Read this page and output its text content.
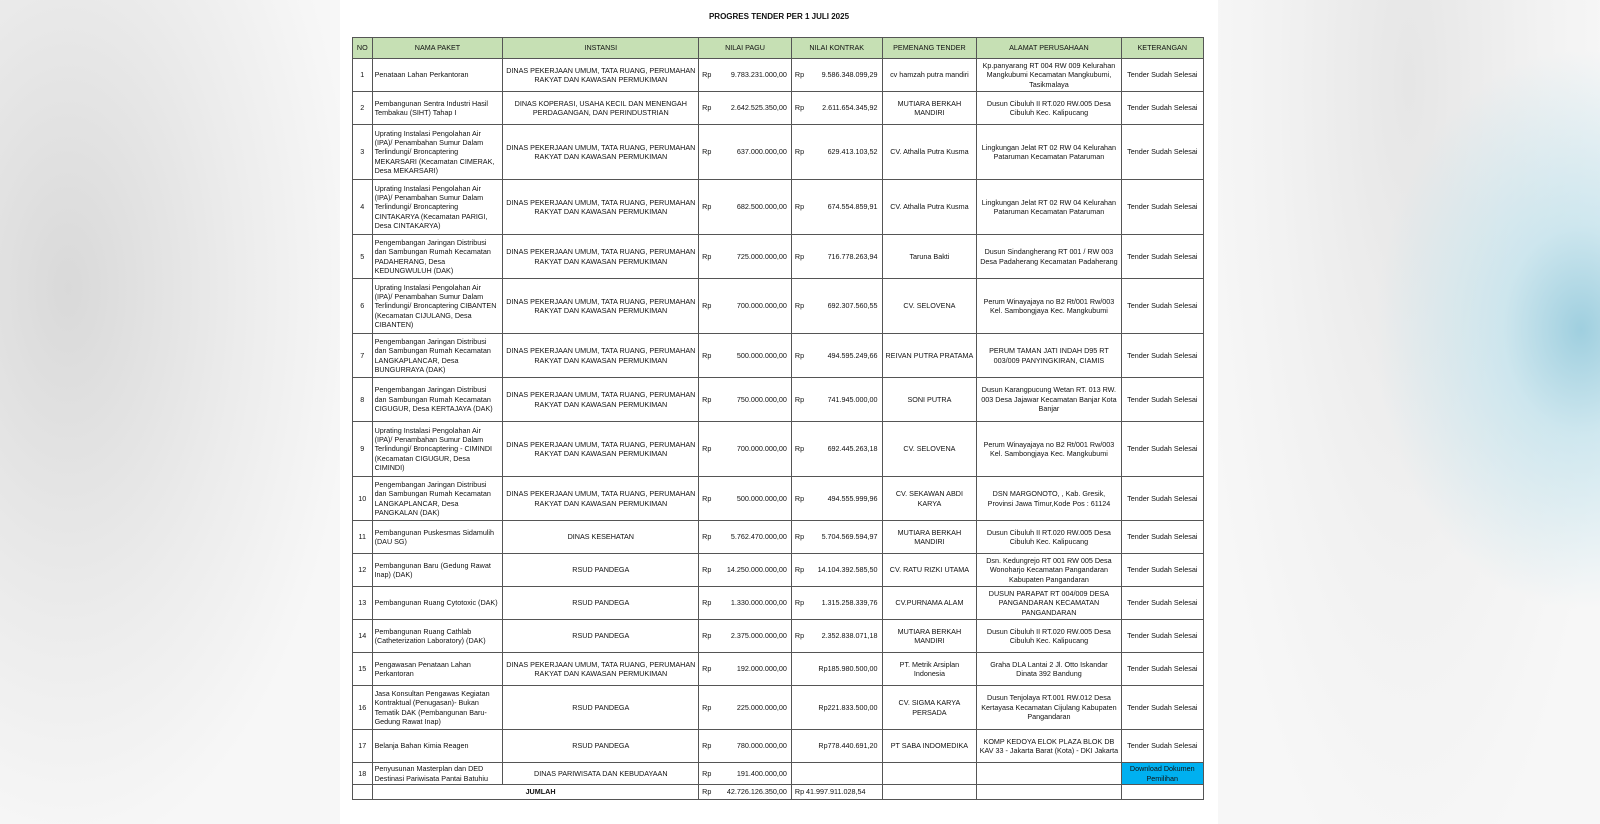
PROGRES TENDER PER 1 JULI 2025
NO	NAMA PAKET	INSTANSI	NILAI PAGU	NILAI KONTRAK	PEMENANG TENDER	ALAMAT PERUSAHAAN	KETERANGAN
1	Penataan Lahan Perkantoran	DINAS PEKERJAAN UMUM, TATA RUANG, PERUMAHAN RAKYAT DAN KAWASAN PERMUKIMAN	Rp 9.783.231.000,00	Rp 9.586.348.099,29	cv hamzah putra mandiri	Kp.panyarang RT 004 RW 009 Kelurahan Mangkubumi Kecamatan Mangkubumi, Tasikmalaya	Tender Sudah Selesai
2	Pembangunan Sentra Industri Hasil Tembakau (SIHT) Tahap I	DINAS KOPERASI, USAHA KECIL DAN MENENGAH PERDAGANGAN, DAN PERINDUSTRIAN	Rp 2.642.525.350,00	Rp 2.611.654.345,92	MUTIARA BERKAH MANDIRI	Dusun Cibuluh II RT.020 RW.005 Desa Cibuluh Kec. Kalipucang	Tender Sudah Selesai
3	Uprating Instalasi Pengolahan Air (IPA)/ Penambahan Sumur Dalam Terlindungi/ Broncaptering MEKARSARI (Kecamatan CIMERAK, Desa MEKARSARI)	DINAS PEKERJAAN UMUM, TATA RUANG, PERUMAHAN RAKYAT DAN KAWASAN PERMUKIMAN	Rp 637.000.000,00	Rp 629.413.103,52	CV. Athalla Putra Kusma	Lingkungan Jelat RT 02 RW 04 Kelurahan Pataruman Kecamatan Pataruman	Tender Sudah Selesai
4	Uprating Instalasi Pengolahan Air (IPA)/ Penambahan Sumur Dalam Terlindungi/ Broncaptering CINTAKARYA (Kecamatan PARIGI, Desa CINTAKARYA)	DINAS PEKERJAAN UMUM, TATA RUANG, PERUMAHAN RAKYAT DAN KAWASAN PERMUKIMAN	Rp 682.500.000,00	Rp 674.554.859,91	CV. Athalla Putra Kusma	Lingkungan Jelat RT 02 RW 04 Kelurahan Pataruman Kecamatan Pataruman	Tender Sudah Selesai
5	Pengembangan Jaringan Distribusi dan Sambungan Rumah Kecamatan PADAHERANG, Desa KEDUNGWULUH (DAK)	DINAS PEKERJAAN UMUM, TATA RUANG, PERUMAHAN RAKYAT DAN KAWASAN PERMUKIMAN	Rp 725.000.000,00	Rp 716.778.263,94	Taruna Bakti	Dusun Sindangherang RT 001 / RW 003 Desa Padaherang Kecamatan Padaherang	Tender Sudah Selesai
6	Uprating Instalasi Pengolahan Air (IPA)/ Penambahan Sumur Dalam Terlindungi/ Broncaptering CIBANTEN (Kecamatan CIJULANG, Desa CIBANTEN)	DINAS PEKERJAAN UMUM, TATA RUANG, PERUMAHAN RAKYAT DAN KAWASAN PERMUKIMAN	Rp 700.000.000,00	Rp 692.307.560,55	CV. SELOVENA	Perum Winayajaya no B2 Rt/001 Rw/003 Kel. Sambongjaya Kec. Mangkubumi	Tender Sudah Selesai
7	Pengembangan Jaringan Distribusi dan Sambungan Rumah Kecamatan LANGKAPLANCAR, Desa BUNGURRAYA (DAK)	DINAS PEKERJAAN UMUM, TATA RUANG, PERUMAHAN RAKYAT DAN KAWASAN PERMUKIMAN	Rp 500.000.000,00	Rp 494.595.249,66	REIVAN PUTRA PRATAMA	PERUM TAMAN JATI INDAH D95 RT 003/009 PANYINGKIRAN, CIAMIS	Tender Sudah Selesai
8	Pengembangan Jaringan Distribusi dan Sambungan Rumah Kecamatan CIGUGUR, Desa KERTAJAYA (DAK)	DINAS PEKERJAAN UMUM, TATA RUANG, PERUMAHAN RAKYAT DAN KAWASAN PERMUKIMAN	Rp 750.000.000,00	Rp 741.945.000,00	SONI PUTRA	Dusun Karangpucung Wetan RT. 013 RW. 003 Desa Jajawar Kecamatan Banjar Kota Banjar	Tender Sudah Selesai
9	Uprating Instalasi Pengolahan Air (IPA)/ Penambahan Sumur Dalam Terlindungi/ Broncaptering - CIMINDI (Kecamatan CIGUGUR, Desa CIMINDI)	DINAS PEKERJAAN UMUM, TATA RUANG, PERUMAHAN RAKYAT DAN KAWASAN PERMUKIMAN	Rp 700.000.000,00	Rp 692.445.263,18	CV. SELOVENA	Perum Winayajaya no B2 Rt/001 Rw/003 Kel. Sambongjaya Kec. Mangkubumi	Tender Sudah Selesai
10	Pengembangan Jaringan Distribusi dan Sambungan Rumah Kecamatan LANGKAPLANCAR, Desa PANGKALAN (DAK)	DINAS PEKERJAAN UMUM, TATA RUANG, PERUMAHAN RAKYAT DAN KAWASAN PERMUKIMAN	Rp 500.000.000,00	Rp 494.555.999,96	CV. SEKAWAN ABDI KARYA	DSN MARGONOTO, , Kab. Gresik, Provinsi Jawa Timur,Kode Pos : 61124	Tender Sudah Selesai
11	Pembangunan Puskesmas Sidamulih (DAU SG)	DINAS KESEHATAN	Rp 5.762.470.000,00	Rp 5.704.569.594,97	MUTIARA BERKAH MANDIRI	Dusun Cibuluh II RT.020 RW.005 Desa Cibuluh Kec. Kalipucang	Tender Sudah Selesai
12	Pembangunan Baru (Gedung Rawat Inap) (DAK)	RSUD PANDEGA	Rp 14.250.000.000,00	Rp 14.104.392.585,50	CV. RATU RIZKI UTAMA	Dsn. Kedungrejo RT 001 RW 005 Desa Wonoharjo Kecamatan Pangandaran Kabupaten Pangandaran	Tender Sudah Selesai
13	Pembangunan Ruang Cytotoxic (DAK)	RSUD PANDEGA	Rp 1.330.000.000,00	Rp 1.315.258.339,76	CV.PURNAMA ALAM	DUSUN PARAPAT RT 004/009 DESA PANGANDARAN KECAMATAN PANGANDARAN	Tender Sudah Selesai
14	Pembangunan Ruang Cathlab (Catheterization Laboratory) (DAK)	RSUD PANDEGA	Rp 2.375.000.000,00	Rp 2.352.838.071,18	MUTIARA BERKAH MANDIRI	Dusun Cibuluh II RT.020 RW.005 Desa Cibuluh Kec. Kalipucang	Tender Sudah Selesai
15	Pengawasan Penataan Lahan Perkantoran	DINAS PEKERJAAN UMUM, TATA RUANG, PERUMAHAN RAKYAT DAN KAWASAN PERMUKIMAN	Rp 192.000.000,00	Rp185.980.500,00	PT. Metrik Arsiplan Indonesia	Graha DLA Lantai 2 Jl. Otto Iskandar Dinata 392 Bandung	Tender Sudah Selesai
16	Jasa Konsultan Pengawas Kegiatan Kontraktual (Penugasan)- Bukan Tematik DAK (Pembangunan Baru-Gedung Rawat Inap)	RSUD PANDEGA	Rp 225.000.000,00	Rp221.833.500,00	CV. SIGMA KARYA PERSADA	Dusun Tenjolaya RT.001 RW.012 Desa Kertayasa Kecamatan Cijulang Kabupaten Pangandaran	Tender Sudah Selesai
17	Belanja Bahan Kimia Reagen	RSUD PANDEGA	Rp 780.000.000,00	Rp778.440.691,20	PT SABA INDOMEDIKA	KOMP KEDOYA ELOK PLAZA BLOK DB KAV 33 - Jakarta Barat (Kota) - DKI Jakarta	Tender Sudah Selesai
18	Penyusunan Masterplan dan DED Destinasi Pariwisata Pantai Batuhiu	DINAS PARIWISATA DAN KEBUDAYAAN	Rp 191.400.000,00				Download Dokumen Pemilihan
	JUMLAH		Rp 42.726.126.350,00	Rp 41.997.911.028,54			
